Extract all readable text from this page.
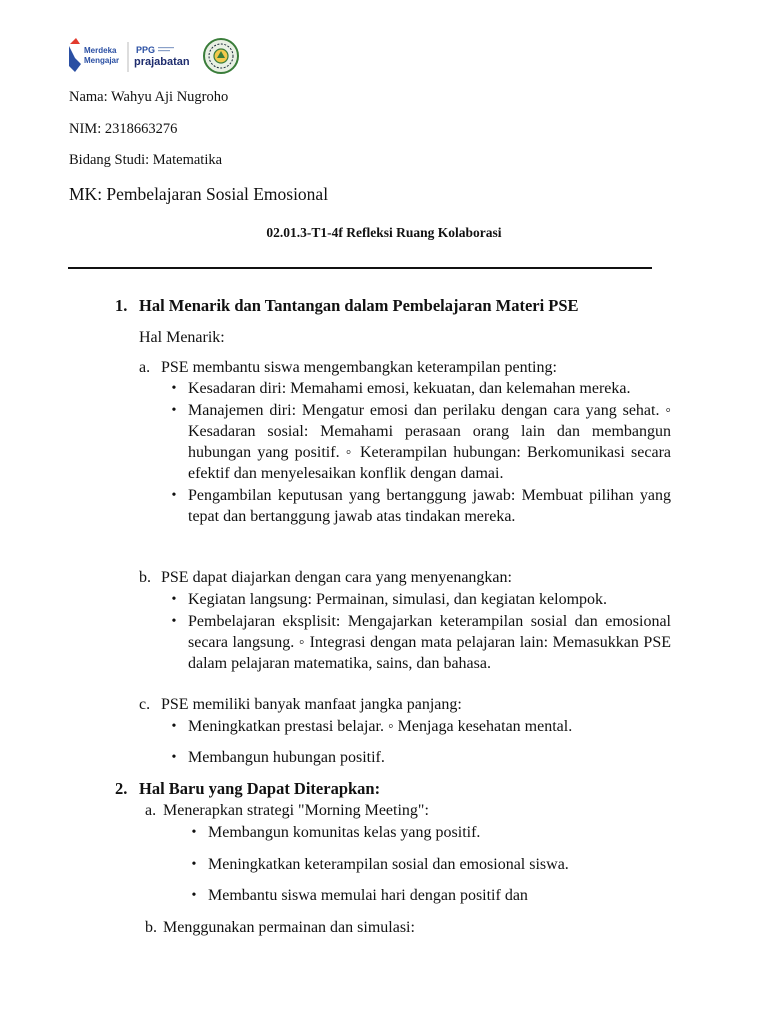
Merdeka
Mengajar
PPG
prajabatan
Nama: Wahyu Aji Nugroho
NIM: 2318663276
Bidang Studi: Matematika
MK: Pembelajaran Sosial Emosional
02.01.3-T1-4f Refleksi Ruang Kolaborasi
1. Hal Menarik dan Tantangan dalam Pembelajaran Materi PSE
Hal Menarik:
a. PSE membantu siswa mengembangkan keterampilan penting:
• Kesadaran diri: Memahami emosi, kekuatan, dan kelemahan mereka.
• Manajemen diri: Mengatur emosi dan perilaku dengan cara yang sehat. ◦ Kesadaran sosial: Memahami perasaan orang lain dan membangun hubungan yang positif. ◦ Keterampilan hubungan: Berkomunikasi secara efektif dan menyelesaikan konflik dengan damai.
• Pengambilan keputusan yang bertanggung jawab: Membuat pilihan yang tepat dan bertanggung jawab atas tindakan mereka.
b. PSE dapat diajarkan dengan cara yang menyenangkan:
• Kegiatan langsung: Permainan, simulasi, dan kegiatan kelompok.
• Pembelajaran eksplisit: Mengajarkan keterampilan sosial dan emosional secara langsung. ◦ Integrasi dengan mata pelajaran lain: Memasukkan PSE dalam pelajaran matematika, sains, dan bahasa.
c. PSE memiliki banyak manfaat jangka panjang:
• Meningkatkan prestasi belajar. ◦ Menjaga kesehatan mental.
• Membangun hubungan positif.
2. Hal Baru yang Dapat Diterapkan:
a. Menerapkan strategi "Morning Meeting":
• Membangun komunitas kelas yang positif.
• Meningkatkan keterampilan sosial dan emosional siswa.
• Membantu siswa memulai hari dengan positif dan
b. Menggunakan permainan dan simulasi:
